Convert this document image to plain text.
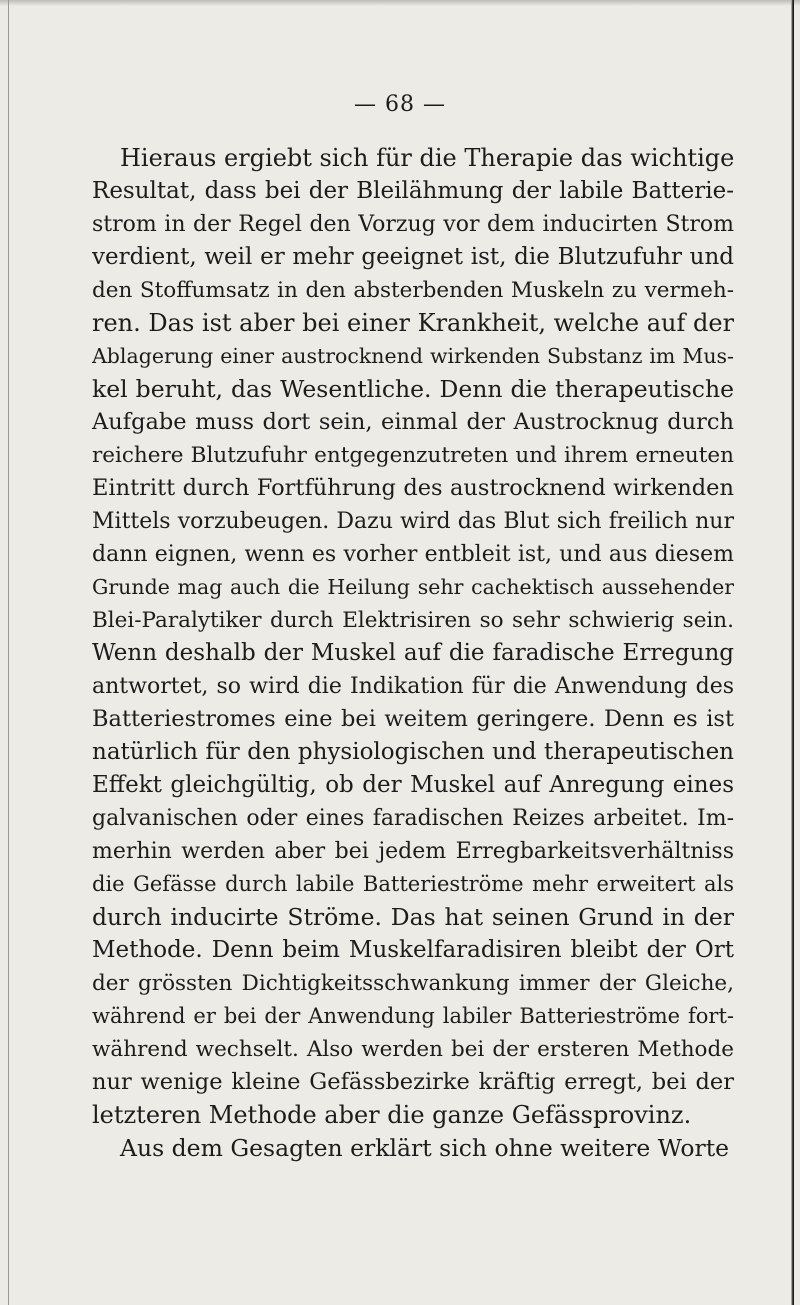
— 68 —
Hieraus ergiebt sich für die Therapie das wichtige
Resultat, dass bei der Bleilähmung der labile Batterie-
strom in der Regel den Vorzug vor dem inducirten Strom
verdient, weil er mehr geeignet ist, die Blutzufuhr und
den Stoffumsatz in den absterbenden Muskeln zu vermeh-
ren. Das ist aber bei einer Krankheit, welche auf der
Ablagerung einer austrocknend wirkenden Substanz im Mus-
kel beruht, das Wesentliche. Denn die therapeutische
Aufgabe muss dort sein, einmal der Austrocknug durch
reichere Blutzufuhr entgegenzutreten und ihrem erneuten
Eintritt durch Fortführung des austrocknend wirkenden
Mittels vorzubeugen. Dazu wird das Blut sich freilich nur
dann eignen, wenn es vorher entbleit ist, und aus diesem
Grunde mag auch die Heilung sehr cachektisch aussehender
Blei-Paralytiker durch Elektrisiren so sehr schwierig sein.
Wenn deshalb der Muskel auf die faradische Erregung
antwortet, so wird die Indikation für die Anwendung des
Batteriestromes eine bei weitem geringere. Denn es ist
natürlich für den physiologischen und therapeutischen
Effekt gleichgültig, ob der Muskel auf Anregung eines
galvanischen oder eines faradischen Reizes arbeitet. Im-
merhin werden aber bei jedem Erregbarkeitsverhältniss
die Gefässe durch labile Batterieströme mehr erweitert als
durch inducirte Ströme. Das hat seinen Grund in der
Methode. Denn beim Muskelfaradisiren bleibt der Ort
der grössten Dichtigkeitsschwankung immer der Gleiche,
während er bei der Anwendung labiler Batterieströme fort-
während wechselt. Also werden bei der ersteren Methode
nur wenige kleine Gefässbezirke kräftig erregt, bei der
letzteren Methode aber die ganze Gefässprovinz.
Aus dem Gesagten erklärt sich ohne weitere Worte
